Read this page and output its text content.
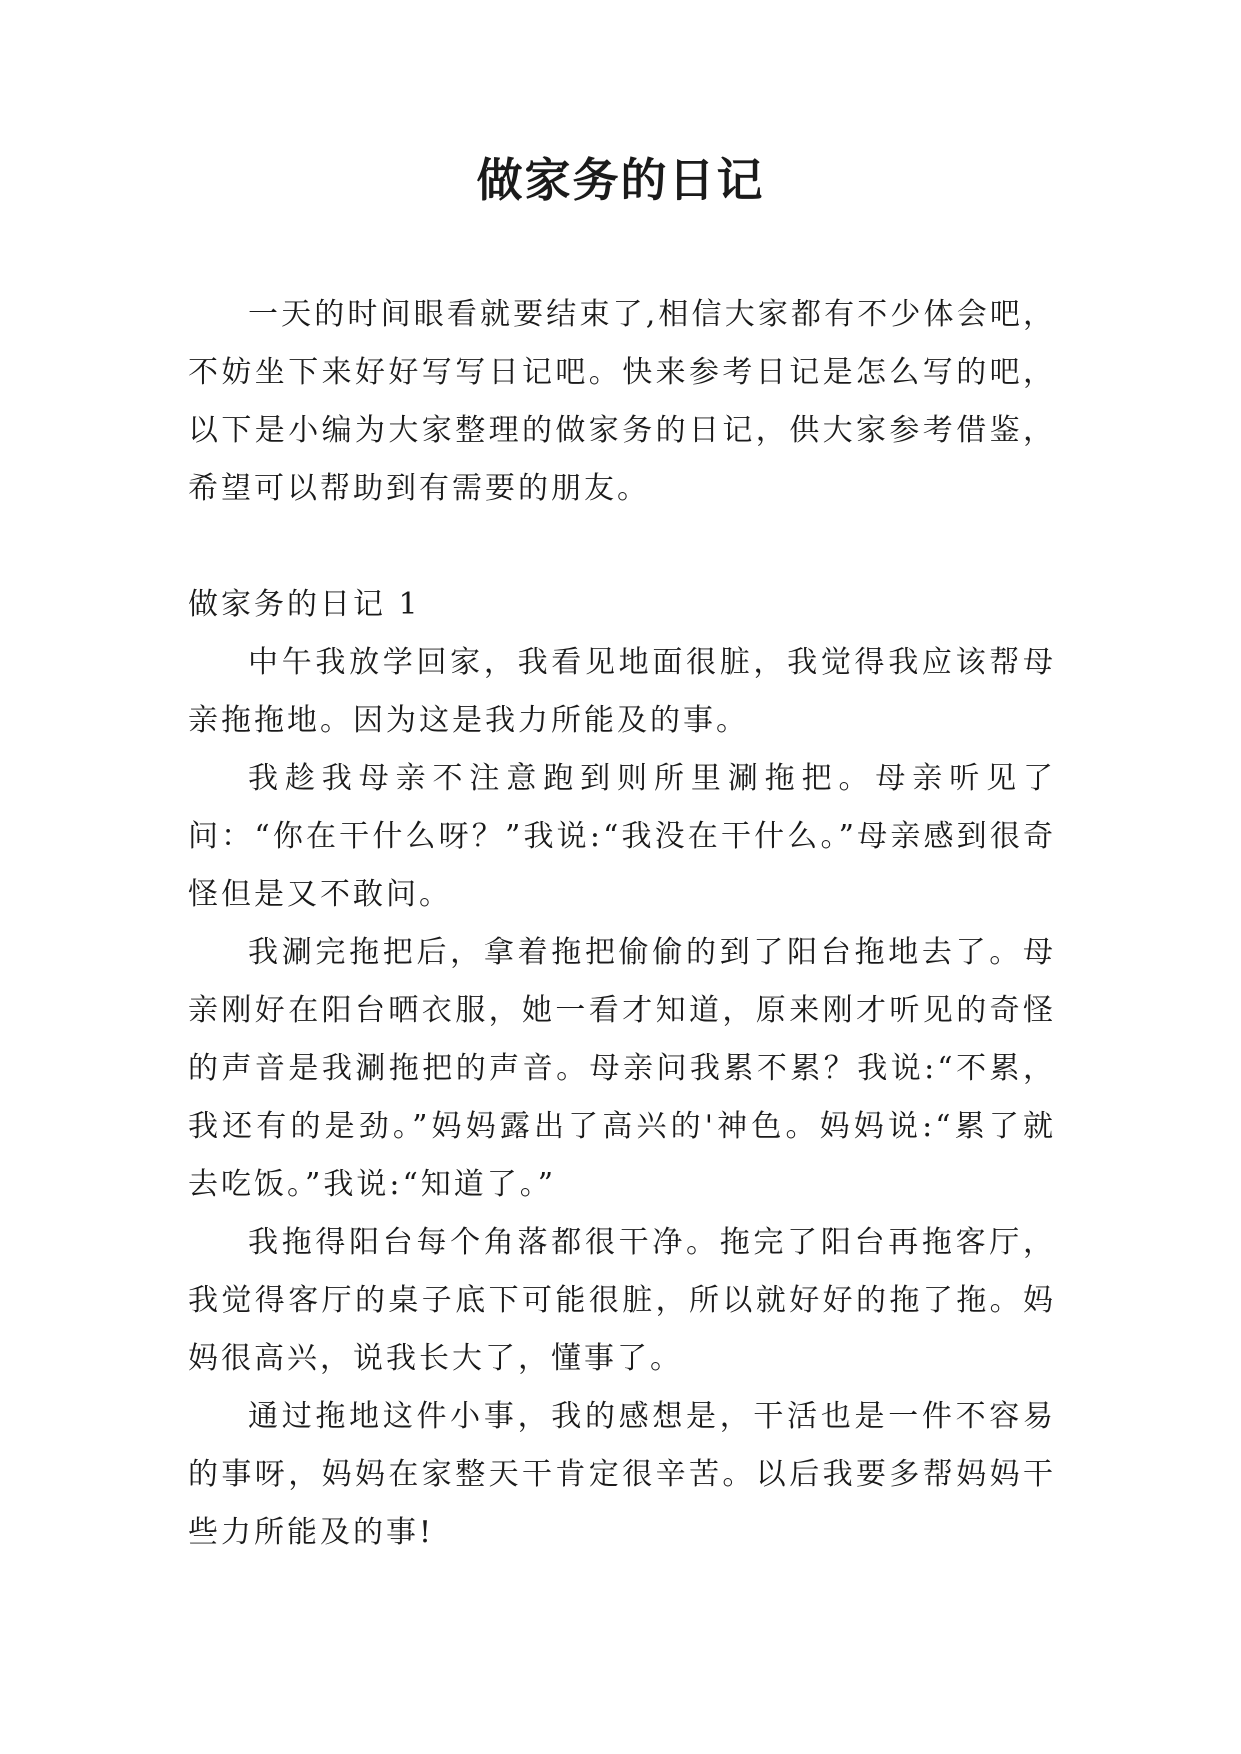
做家务的日记

一天的时间眼看就要结束了,相信大家都有不少体会吧，不妨坐下来好好写写日记吧。快来参考日记是怎么写的吧，以下是小编为大家整理的做家务的日记，供大家参考借鉴，希望可以帮助到有需要的朋友。

做家务的日记 1

中午我放学回家，我看见地面很脏，我觉得我应该帮母亲拖拖地。因为这是我力所能及的事。

我趁我母亲不注意跑到则所里涮拖把。母亲听见了问：“你在干什么呀？”我说:“我没在干什么。”母亲感到很奇怪但是又不敢问。

我涮完拖把后，拿着拖把偷偷的到了阳台拖地去了。母亲刚好在阳台晒衣服，她一看才知道，原来刚才听见的奇怪的声音是我涮拖把的声音。母亲问我累不累？我说:“不累，我还有的是劲。”妈妈露出了高兴的'神色。妈妈说:“累了就去吃饭。”我说:“知道了。”

我拖得阳台每个角落都很干净。拖完了阳台再拖客厅，我觉得客厅的桌子底下可能很脏，所以就好好的拖了拖。妈妈很高兴，说我长大了，懂事了。

通过拖地这件小事，我的感想是，干活也是一件不容易的事呀，妈妈在家整天干肯定很辛苦。以后我要多帮妈妈干些力所能及的事!
